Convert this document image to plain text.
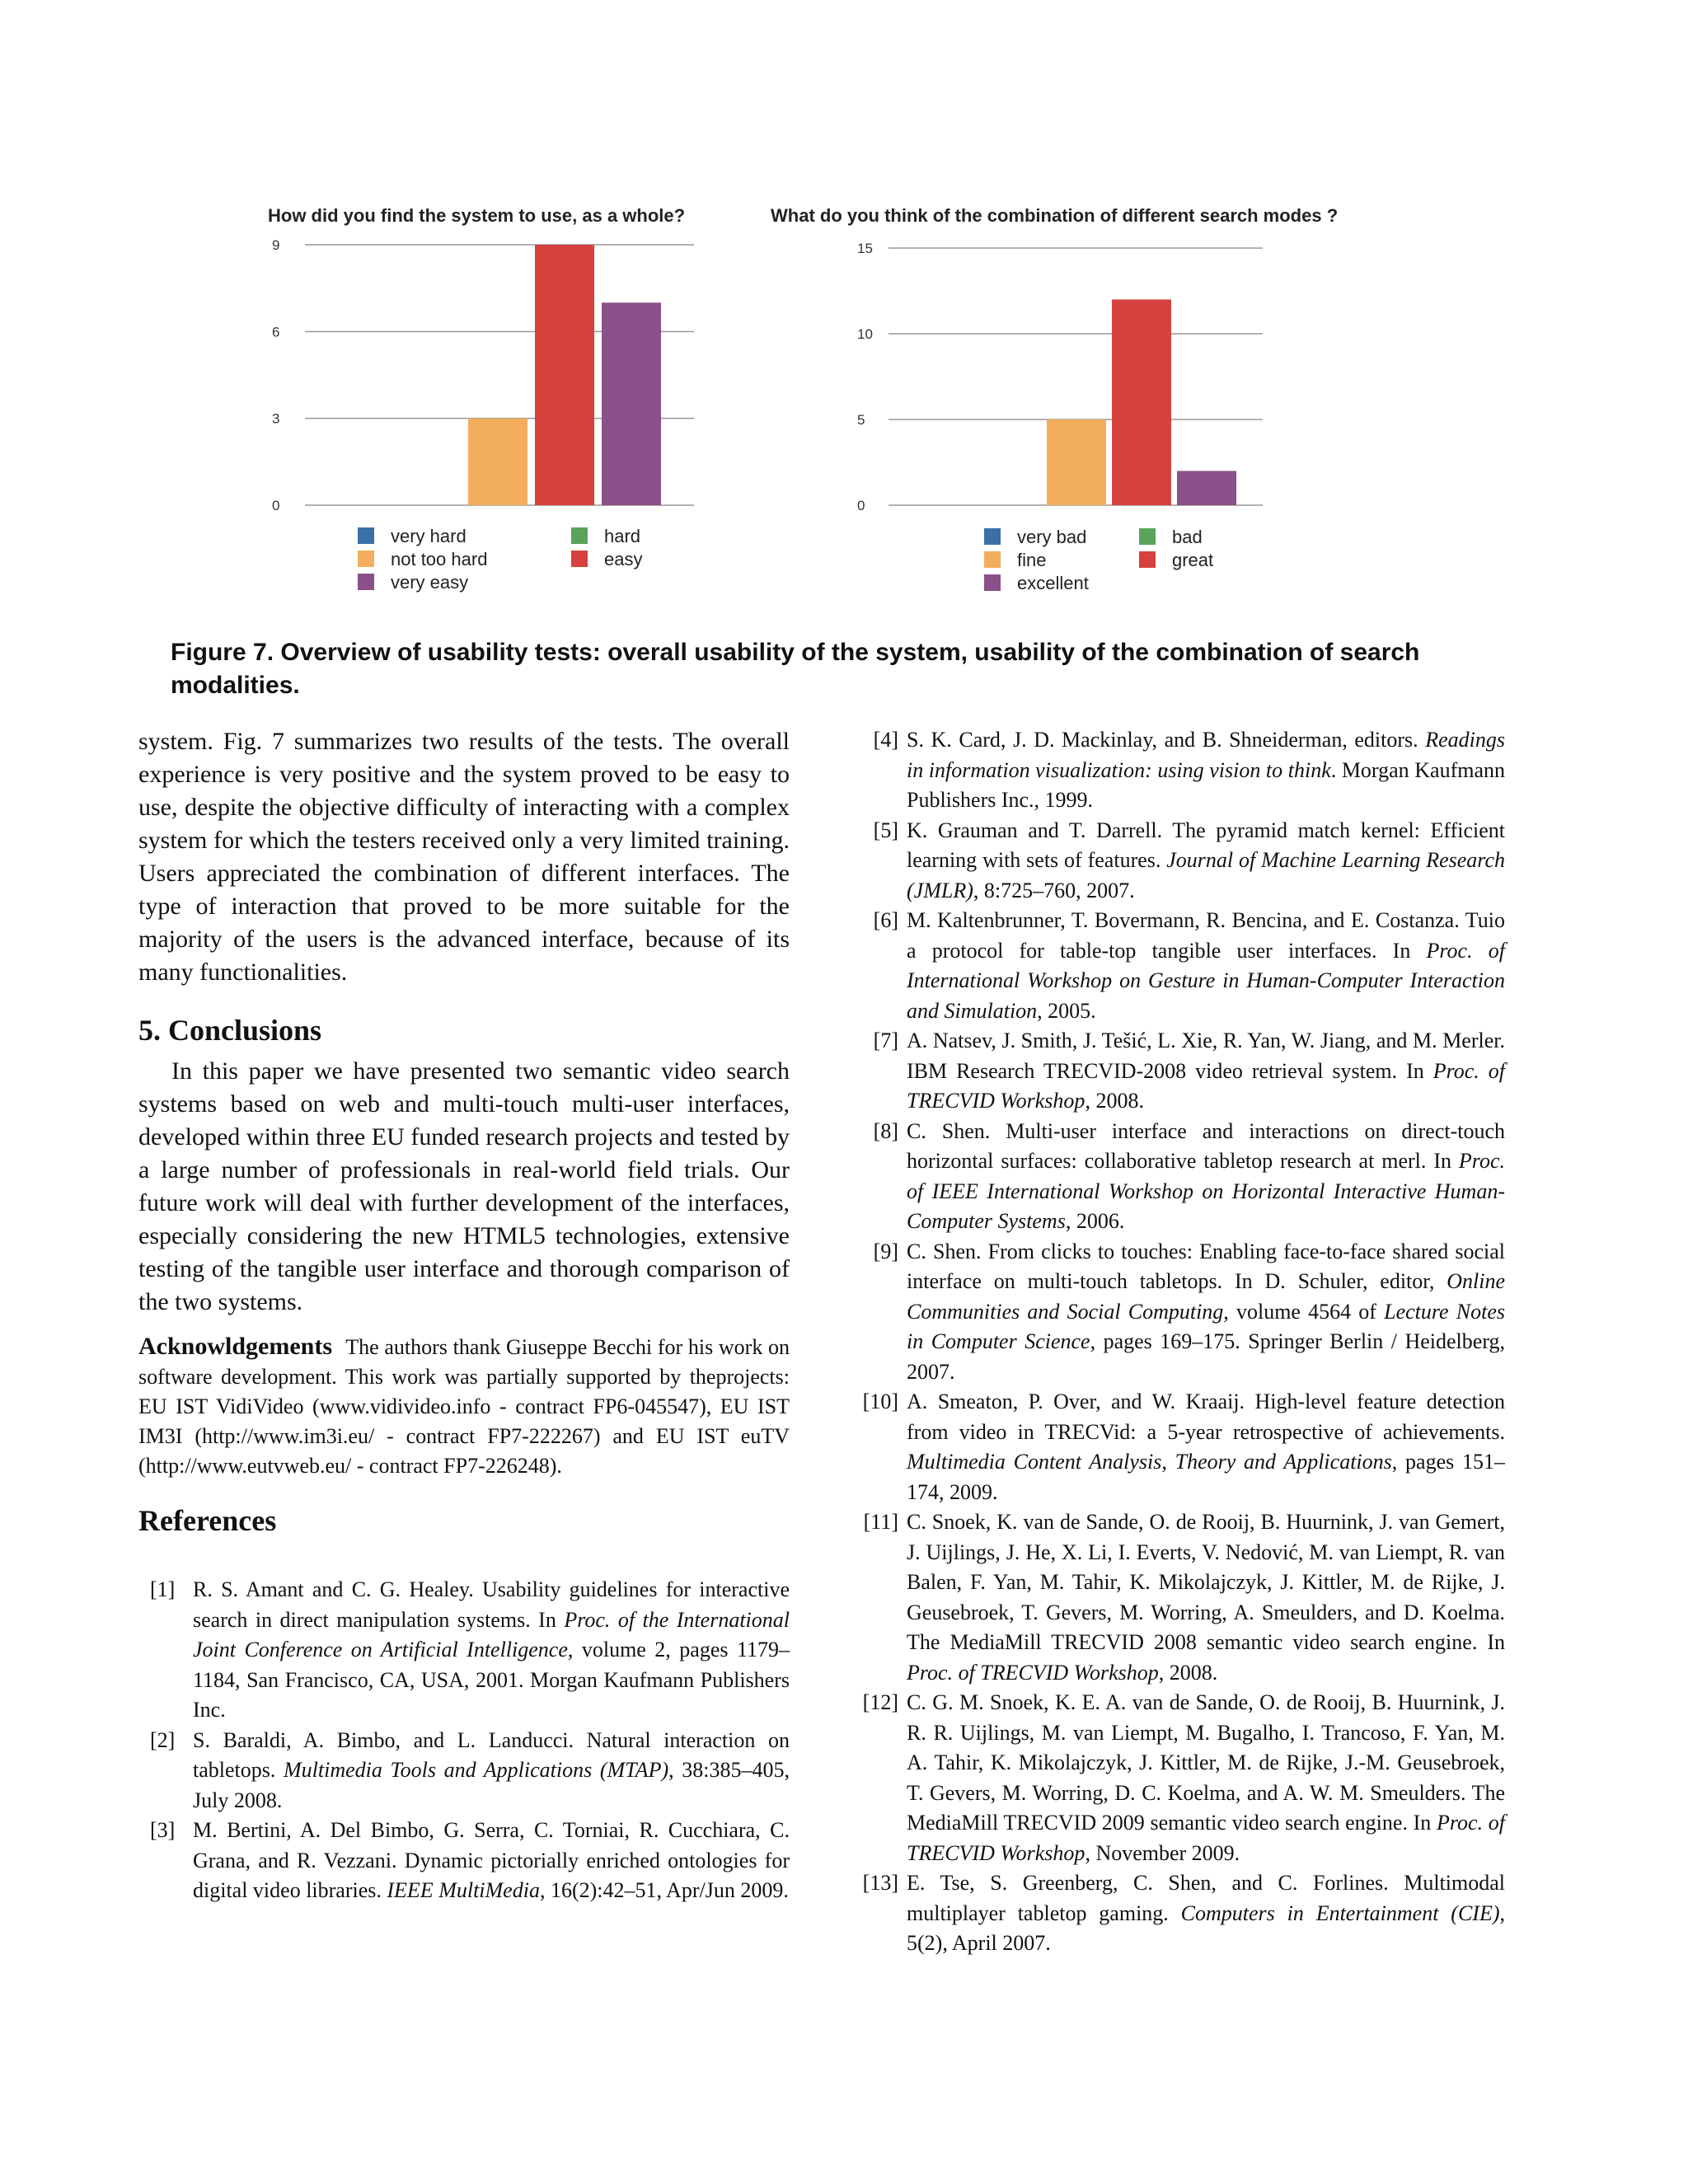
How did you find the system to use, as a whole?
0
3
6
9
very hard	hard
not too hard	easy
very easy
What do you think of the combination of different search modes ?
0
5
10
15
very bad	bad
fine	great
excellent
Figure 7. Overview of usability tests: overall usability of the system, usability of the combination of search modalities.

system. Fig. 7 summarizes two results of the tests. The overall experience is very positive and the system proved to be easy to use, despite the objective difficulty of interacting with a complex system for which the testers received only a very limited training. Users appreciated the combination of different interfaces. The type of interaction that proved to be more suitable for the majority of the users is the advanced interface, because of its many functionalities.

5. Conclusions

In this paper we have presented two semantic video search systems based on web and multi-touch multi-user interfaces, developed within three EU funded research projects and tested by a large number of professionals in real-world field trials. Our future work will deal with further development of the interfaces, especially considering the new HTML5 technologies, extensive testing of the tangible user interface and thorough comparison of the two systems.

Acknowldgements The authors thank Giuseppe Becchi for his work on software development. This work was partially supported by theprojects: EU IST VidiVideo (www.vidivideo.info - contract FP6-045547), EU IST IM3I (http://www.im3i.eu/ - contract FP7-222267) and EU IST euTV (http://www.eutvweb.eu/ - contract FP7-226248).

References
[1] R. S. Amant and C. G. Healey. Usability guidelines for interactive search in direct manipulation systems. In Proc. of the International Joint Conference on Artificial Intelligence, volume 2, pages 1179–1184, San Francisco, CA, USA, 2001. Morgan Kaufmann Publishers Inc.
[2] S. Baraldi, A. Bimbo, and L. Landucci. Natural interaction on tabletops. Multimedia Tools and Applications (MTAP), 38:385–405, July 2008.
[3] M. Bertini, A. Del Bimbo, G. Serra, C. Torniai, R. Cucchiara, C. Grana, and R. Vezzani. Dynamic pictorially enriched ontologies for digital video libraries. IEEE MultiMedia, 16(2):42–51, Apr/Jun 2009.
[4] S. K. Card, J. D. Mackinlay, and B. Shneiderman, editors. Readings in information visualization: using vision to think. Morgan Kaufmann Publishers Inc., 1999.
[5] K. Grauman and T. Darrell. The pyramid match kernel: Efficient learning with sets of features. Journal of Machine Learning Research (JMLR), 8:725–760, 2007.
[6] M. Kaltenbrunner, T. Bovermann, R. Bencina, and E. Costanza. Tuio a protocol for table-top tangible user interfaces. In Proc. of International Workshop on Gesture in Human-Computer Interaction and Simulation, 2005.
[7] A. Natsev, J. Smith, J. Tešić, L. Xie, R. Yan, W. Jiang, and M. Merler. IBM Research TRECVID-2008 video retrieval system. In Proc. of TRECVID Workshop, 2008.
[8] C. Shen. Multi-user interface and interactions on direct-touch horizontal surfaces: collaborative tabletop research at merl. In Proc. of IEEE International Workshop on Horizontal Interactive Human-Computer Systems, 2006.
[9] C. Shen. From clicks to touches: Enabling face-to-face shared social interface on multi-touch tabletops. In D. Schuler, editor, Online Communities and Social Computing, volume 4564 of Lecture Notes in Computer Science, pages 169–175. Springer Berlin / Heidelberg, 2007.
[10] A. Smeaton, P. Over, and W. Kraaij. High-level feature detection from video in TRECVid: a 5-year retrospective of achievements. Multimedia Content Analysis, Theory and Applications, pages 151–174, 2009.
[11] C. Snoek, K. van de Sande, O. de Rooij, B. Huurnink, J. van Gemert, J. Uijlings, J. He, X. Li, I. Everts, V. Nedović, M. van Liempt, R. van Balen, F. Yan, M. Tahir, K. Mikolajczyk, J. Kittler, M. de Rijke, J. Geusebroek, T. Gevers, M. Worring, A. Smeulders, and D. Koelma. The MediaMill TRECVID 2008 semantic video search engine. In Proc. of TRECVID Workshop, 2008.
[12] C. G. M. Snoek, K. E. A. van de Sande, O. de Rooij, B. Huurnink, J. R. R. Uijlings, M. van Liempt, M. Bugalho, I. Trancoso, F. Yan, M. A. Tahir, K. Mikolajczyk, J. Kittler, M. de Rijke, J.-M. Geusebroek, T. Gevers, M. Worring, D. C. Koelma, and A. W. M. Smeulders. The MediaMill TRECVID 2009 semantic video search engine. In Proc. of TRECVID Workshop, November 2009.
[13] E. Tse, S. Greenberg, C. Shen, and C. Forlines. Multimodal multiplayer tabletop gaming. Computers in Entertainment (CIE), 5(2), April 2007.
